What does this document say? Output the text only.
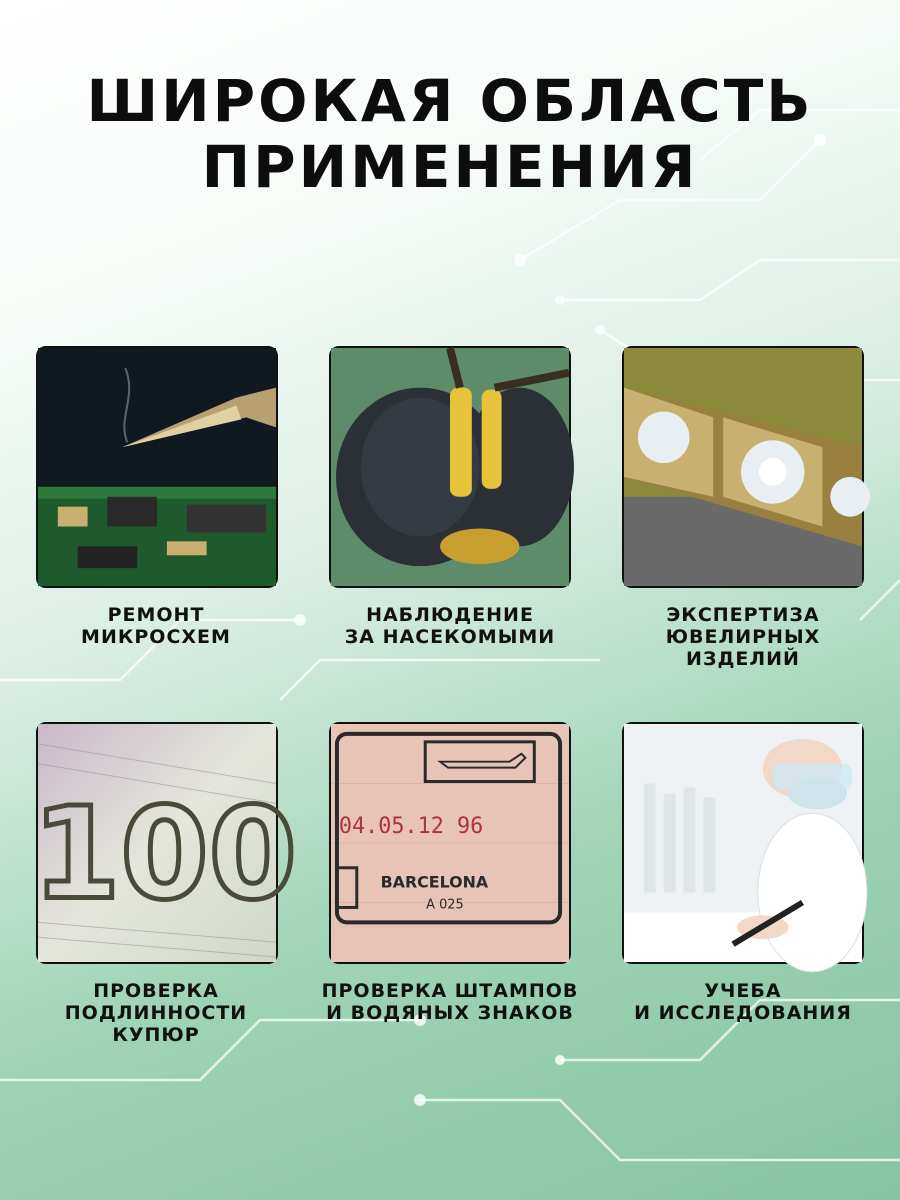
ШИРОКАЯ ОБЛАСТЬ
ПРИМЕНЕНИЯ
РЕМОНТ
МИКРОСХЕМ
НАБЛЮДЕНИЕ
ЗА НАСЕКОМЫМИ
ЭКСПЕРТИЗА
ЮВЕЛИРНЫХ
ИЗДЕЛИЙ
100
ПРОВЕРКА
ПОДЛИННОСТИ
КУПЮР
04.05.12 96
BARCELONA
A 025
ПРОВЕРКА ШТАМПОВ
И ВОДЯНЫХ ЗНАКОВ
УЧЕБА
И ИССЛЕДОВАНИЯ
